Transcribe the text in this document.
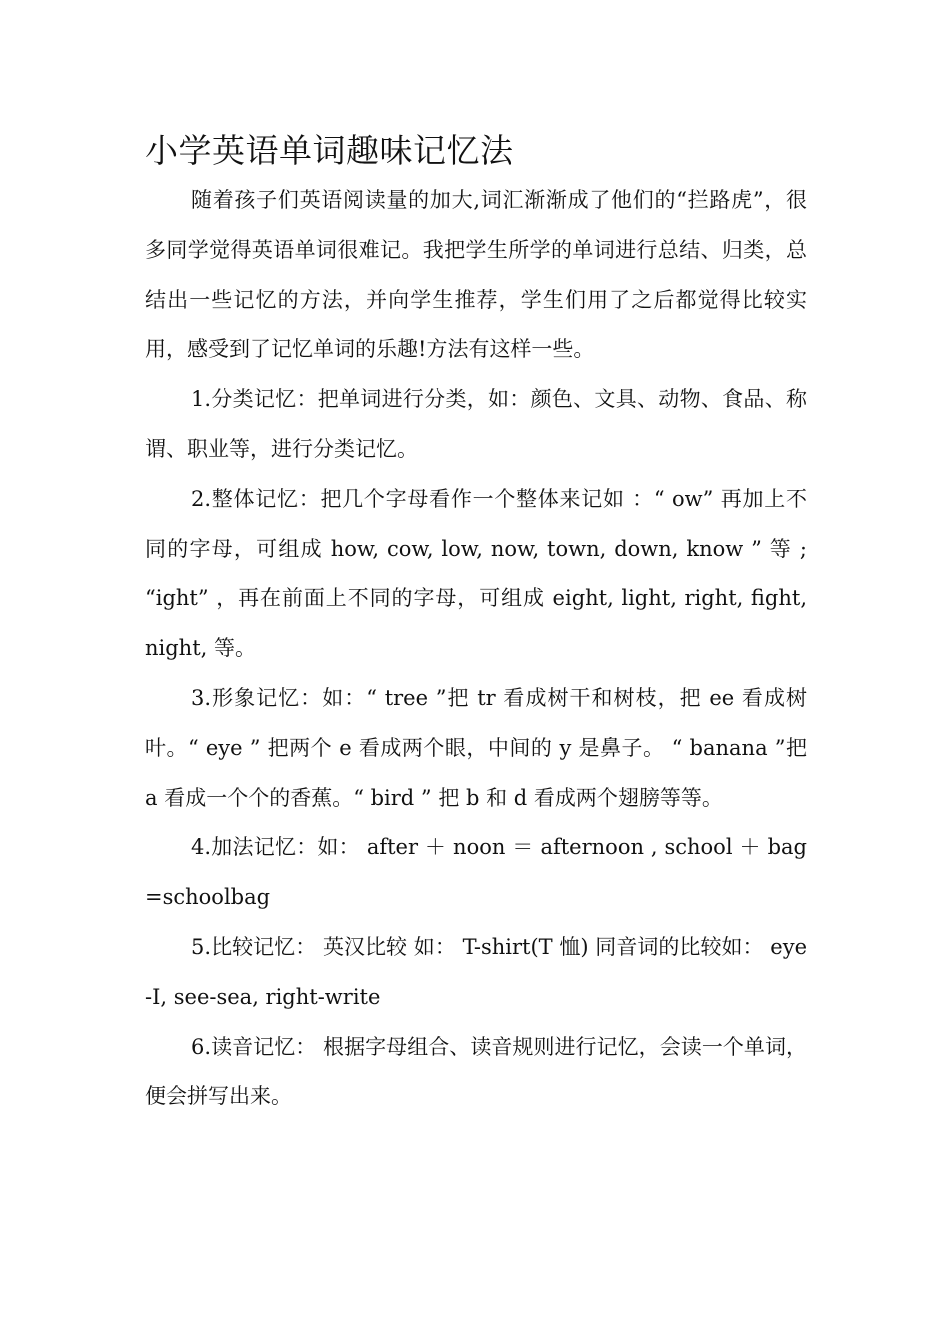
小学英语单词趣味记忆法

随着孩子们英语阅读量的加大,词汇渐渐成了他们的“拦路虎”，很多同学觉得英语单词很难记。我把学生所学的单词进行总结、归类，总结出一些记忆的方法，并向学生推荐，学生们用了之后都觉得比较实用，感受到了记忆单词的乐趣!方法有这样一些。

1.分类记忆：把单词进行分类，如：颜色、文具、动物、食品、称谓、职业等，进行分类记忆。

2.整体记忆：把几个字母看作一个整体来记如 ：“ ow” 再加上不同的字母，可组成 how, cow, low, now, town, down, know ” 等 ; “ight” ，再在前面上不同的字母，可组成 eight, light, right, fight, night, 等。

3.形象记忆：如：“ tree ”把 tr 看成树干和树枝，把 ee 看成树叶。“ eye ” 把两个 e 看成两个眼，中间的 y 是鼻子。 “ banana ”把 a 看成一个个的香蕉。“ bird ” 把 b 和 d 看成两个翅膀等等。

4.加法记忆：如： after ＋ noon ＝ afternoon , school ＋ bag=schoolbag

5.比较记忆： 英汉比较 如： T-shirt(T 恤) 同音词的比较如： eye-I, see-sea, right-write

6.读音记忆： 根据字母组合、读音规则进行记忆，会读一个单词，便会拼写出来。
